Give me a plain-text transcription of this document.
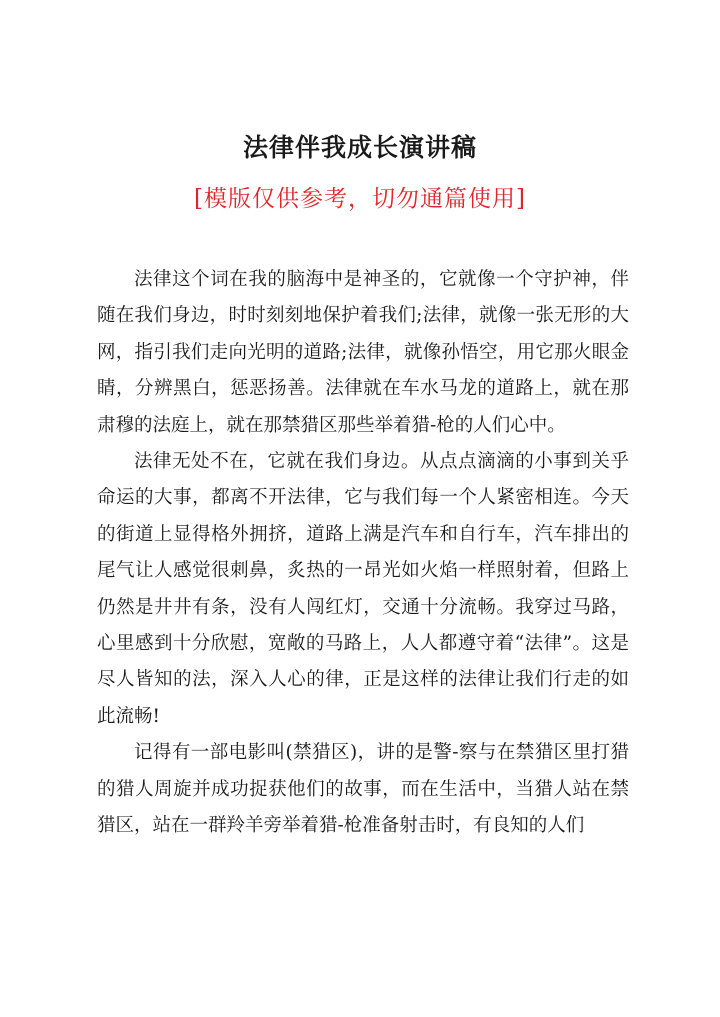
法律伴我成长演讲稿
[模版仅供参考，切勿通篇使用]

法律这个词在我的脑海中是神圣的，它就像一个守护神，伴随在我们身边，时时刻刻地保护着我们;法律，就像一张无形的大网，指引我们走向光明的道路;法律，就像孙悟空，用它那火眼金睛，分辨黑白，惩恶扬善。法律就在车水马龙的道路上，就在那肃穆的法庭上，就在那禁猎区那些举着猎-枪的人们心中。

法律无处不在，它就在我们身边。从点点滴滴的小事到关乎命运的大事，都离不开法律，它与我们每一个人紧密相连。今天的街道上显得格外拥挤，道路上满是汽车和自行车，汽车排出的尾气让人感觉很刺鼻，炙热的一昂光如火焰一样照射着，但路上仍然是井井有条，没有人闯红灯，交通十分流畅。我穿过马路，心里感到十分欣慰，宽敞的马路上，人人都遵守着“法律”。这是尽人皆知的法，深入人心的律，正是这样的法律让我们行走的如此流畅!

记得有一部电影叫(禁猎区)，讲的是警-察与在禁猎区里打猎的猎人周旋并成功捉获他们的故事，而在生活中，当猎人站在禁猎区，站在一群羚羊旁举着猎-枪准备射击时，有良知的人们
